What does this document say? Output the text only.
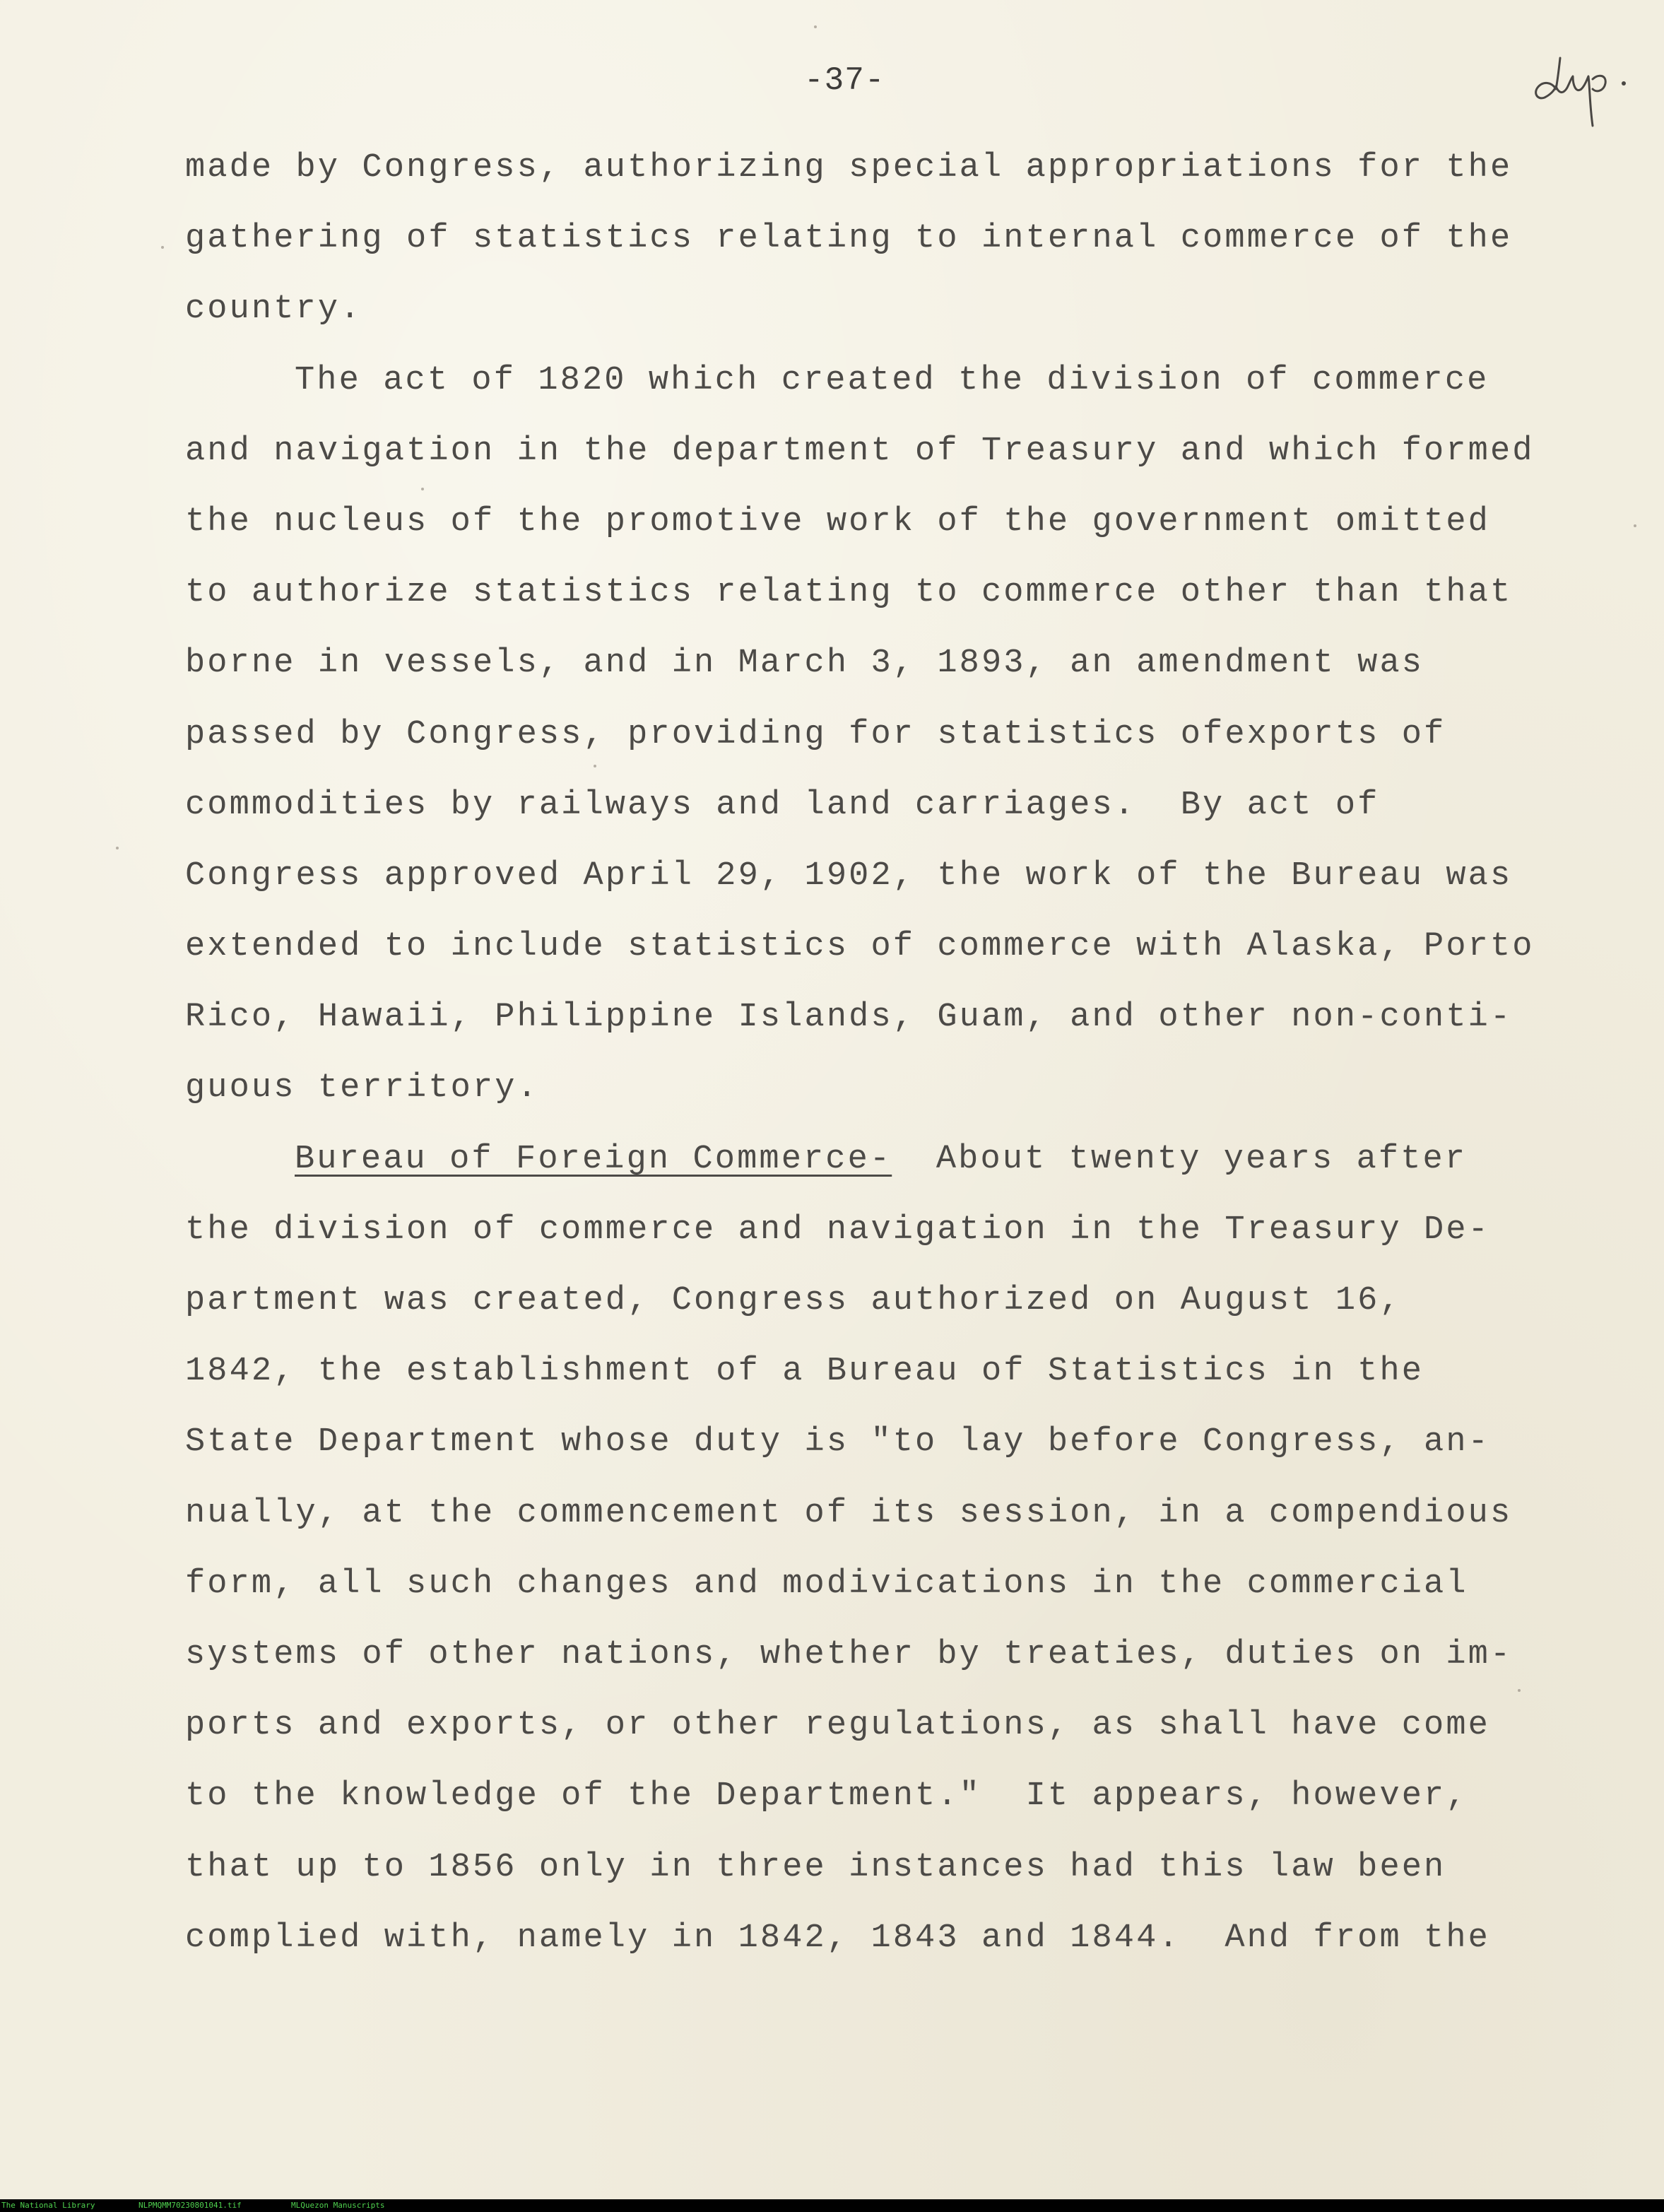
-37-
made by Congress, authorizing special appropriations for the
gathering of statistics relating to internal commerce of the
country.
The act of 1820 which created the division of commerce
and navigation in the department of Treasury and which formed
the nucleus of the promotive work of the government omitted
to authorize statistics relating to commerce other than that
borne in vessels, and in March 3, 1893, an amendment was
passed by Congress, providing for statistics ofexports of
commodities by railways and land carriages.  By act of
Congress approved April 29, 1902, the work of the Bureau was
extended to include statistics of commerce with Alaska, Porto
Rico, Hawaii, Philippine Islands, Guam, and other non-conti-
guous territory.
Bureau of Foreign Commerce-  About twenty years after
the division of commerce and navigation in the Treasury De-
partment was created, Congress authorized on August 16,
1842, the establishment of a Bureau of Statistics in the
State Department whose duty is "to lay before Congress, an-
nually, at the commencement of its session, in a compendious
form, all such changes and modivications in the commercial
systems of other nations, whether by treaties, duties on im-
ports and exports, or other regulations, as shall have come
to the knowledge of the Department."  It appears, however,
that up to 1856 only in three instances had this law been
complied with, namely in 1842, 1843 and 1844.  And from the
The National Library	NLPMQMM70230801041.tif	MLQuezon Manuscripts
